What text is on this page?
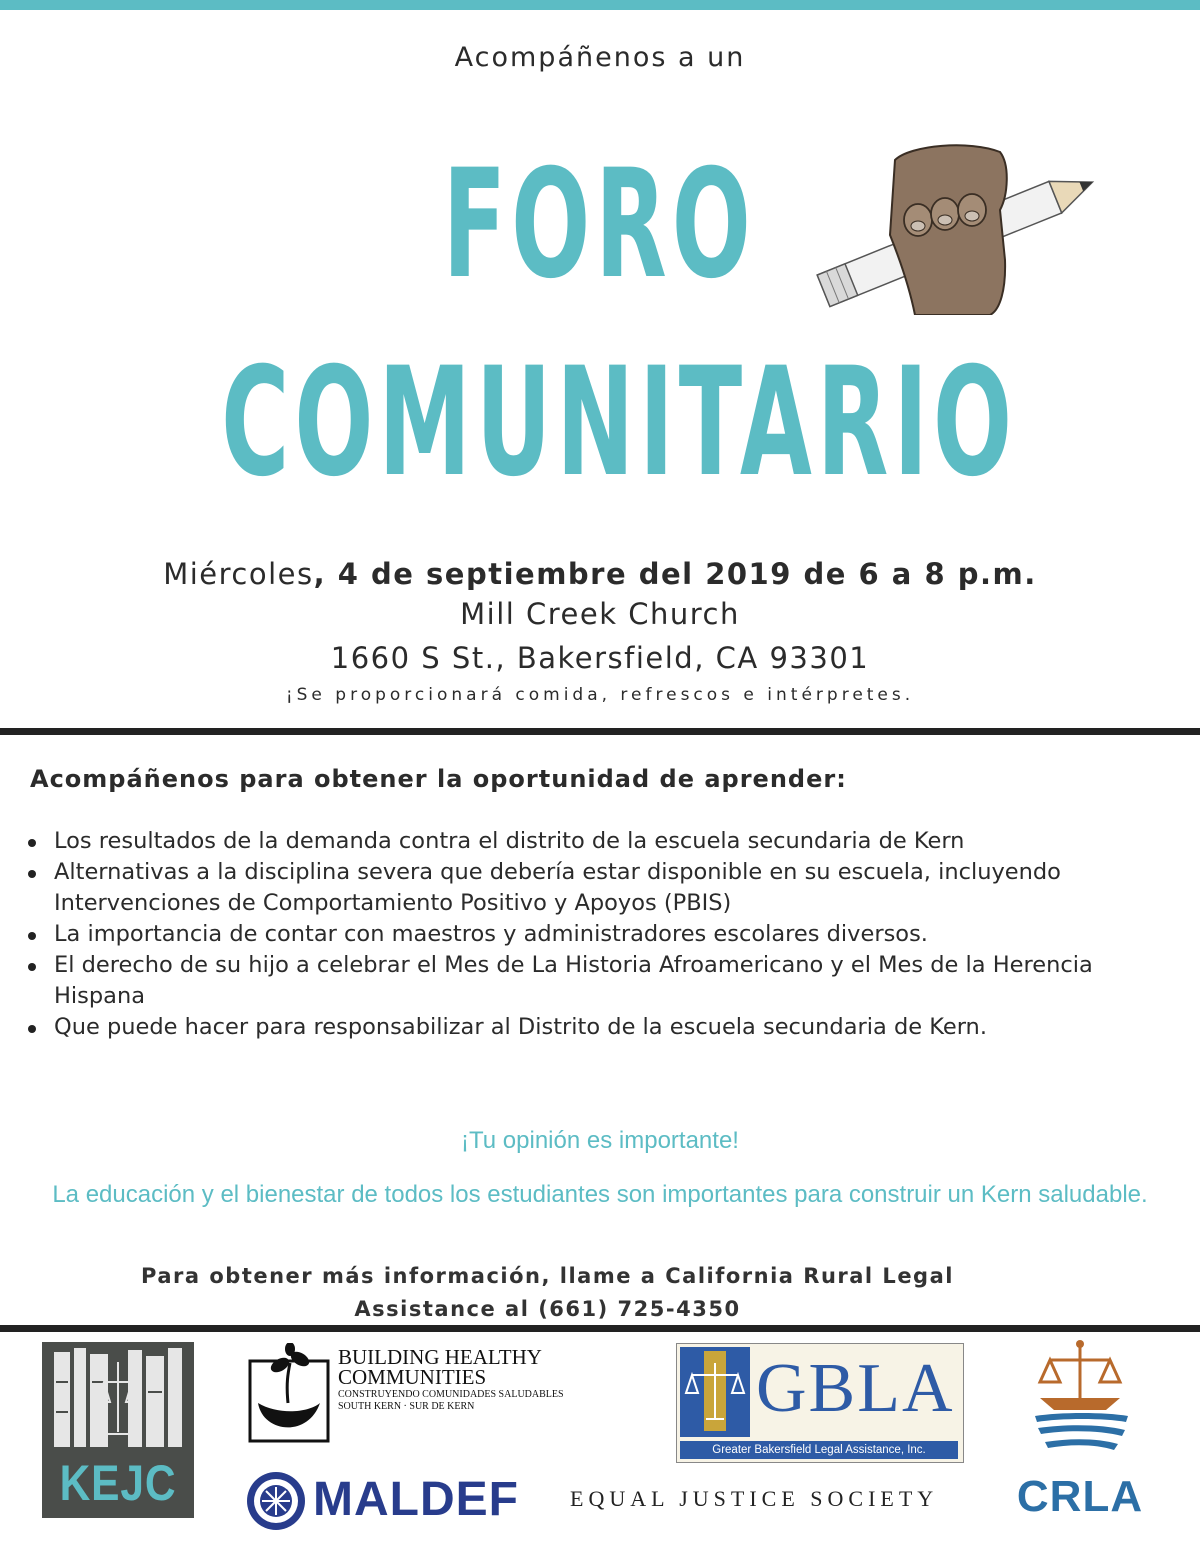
Acompáñenos a un
FORO
COMUNITARIO
Miércoles, 4 de septiembre del 2019 de 6 a 8 p.m.
Mill Creek Church
1660 S St., Bakersfield, CA 93301
¡Se proporcionará comida, refrescos e intérpretes.
Acompáñenos para obtener la oportunidad de aprender:
Los resultados de la demanda contra el distrito de la escuela secundaria de Kern
Alternativas a la disciplina severa que debería estar disponible en su escuela, incluyendo Intervenciones de Comportamiento Positivo y Apoyos (PBIS)
La importancia de contar con maestros y administradores escolares diversos.
El derecho de su hijo a celebrar el Mes de La Historia Afroamericano y el Mes de la Herencia Hispana
Que puede hacer para responsabilizar al Distrito de la escuela secundaria de Kern.
¡Tu opinión es importante!
La educación y el bienestar de todos los estudiantes son importantes para construir un Kern saludable.
Para obtener más información, llame a California Rural Legal
Assistance al (661) 725-4350
KEJC
BUILDING HEALTHY
COMMUNITIES
CONSTRUYENDO COMUNIDADES SALUDABLES
SOUTH KERN · SUR DE KERN	GBLA
Greater Bakersfield Legal Assistance, Inc.
CRLA
MALDEF EQUAL JUSTICE SOCIETY
